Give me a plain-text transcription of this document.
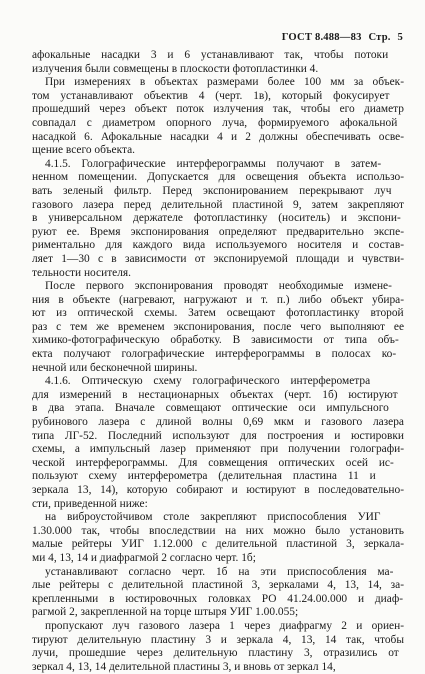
ГОСТ 8.488—83 Стр. 5
афокальные насадки 3 и 6 устанавливают так, чтобы потоки
излучения были совмещены в плоскости фотопластинки 4.
При измерениях в объектах размерами более 100 мм за объек-
том устанавливают объектив 4 (черт. 1в), который фокусирует
прошедший через объект поток излучения так, чтобы его диаметр
совпадал с диаметром опорного луча, формируемого афокальной
насадкой 6. Афокальные насадки 4 и 2 должны обеспечивать осве-
щение всего объекта.
4.1.5. Голографические интерферограммы получают в затем-
ненном помещении. Допускается для освещения объекта использо-
вать зеленый фильтр. Перед экспонированием перекрывают луч
газового лазера перед делительной пластиной 9, затем закрепляют
в универсальном держателе фотопластинку (носитель) и экспони-
руют ее. Время экспонирования определяют предварительно экспе-
риментально для каждого вида используемого носителя и состав-
ляет 1—30 с в зависимости от экспонируемой площади и чувстви-
тельности носителя.
После первого экспонирования проводят необходимые измене-
ния в объекте (нагревают, нагружают и т. п.) либо объект убира-
ют из оптической схемы. Затем освещают фотопластинку второй
раз с тем же временем экспонирования, после чего выполняют ее
химико-фотографическую обработку. В зависимости от типа объ-
екта получают голографические интерферограммы в полосах ко-
нечной или бесконечной ширины.
4.1.6. Оптическую схему голографического интерферометра
для измерений в нестационарных объектах (черт. 1б) юстируют
в два этапа. Вначале совмещают оптические оси импульсного
рубинового лазера с длиной волны 0,69 мкм и газового лазера
типа ЛГ-52. Последний используют для построения и юстировки
схемы, а импульсный лазер применяют при получении голографи-
ческой интерферограммы. Для совмещения оптических осей ис-
пользуют схему интерферометра (делительная пластина 11 и
зеркала 13, 14), которую собирают и юстируют в последовательно-
сти, приведенной ниже:
на виброустойчивом столе закрепляют приспособления УИГ
1.30.000 так, чтобы впоследствии на них можно было установить
малые рейтеры УИГ 1.12.000 с делительной пластиной 3, зеркала-
ми 4, 13, 14 и диафрагмой 2 согласно черт. 1б;
устанавливают согласно черт. 1б на эти приспособления ма-
лые рейтеры с делительной пластиной 3, зеркалами 4, 13, 14, за-
крепленными в юстировочных головках РО 41.24.00.000 и диаф-
рагмой 2, закрепленной на торце штыря УИГ 1.00.055;
пропускают луч газового лазера 1 через диафрагму 2 и ориен-
тируют делительную пластину 3 и зеркала 4, 13, 14 так, чтобы
лучи, прошедшие через делительную пластину 3, отразились от
зеркал 4, 13, 14 делительной пластины 3, и вновь от зеркал 14,
